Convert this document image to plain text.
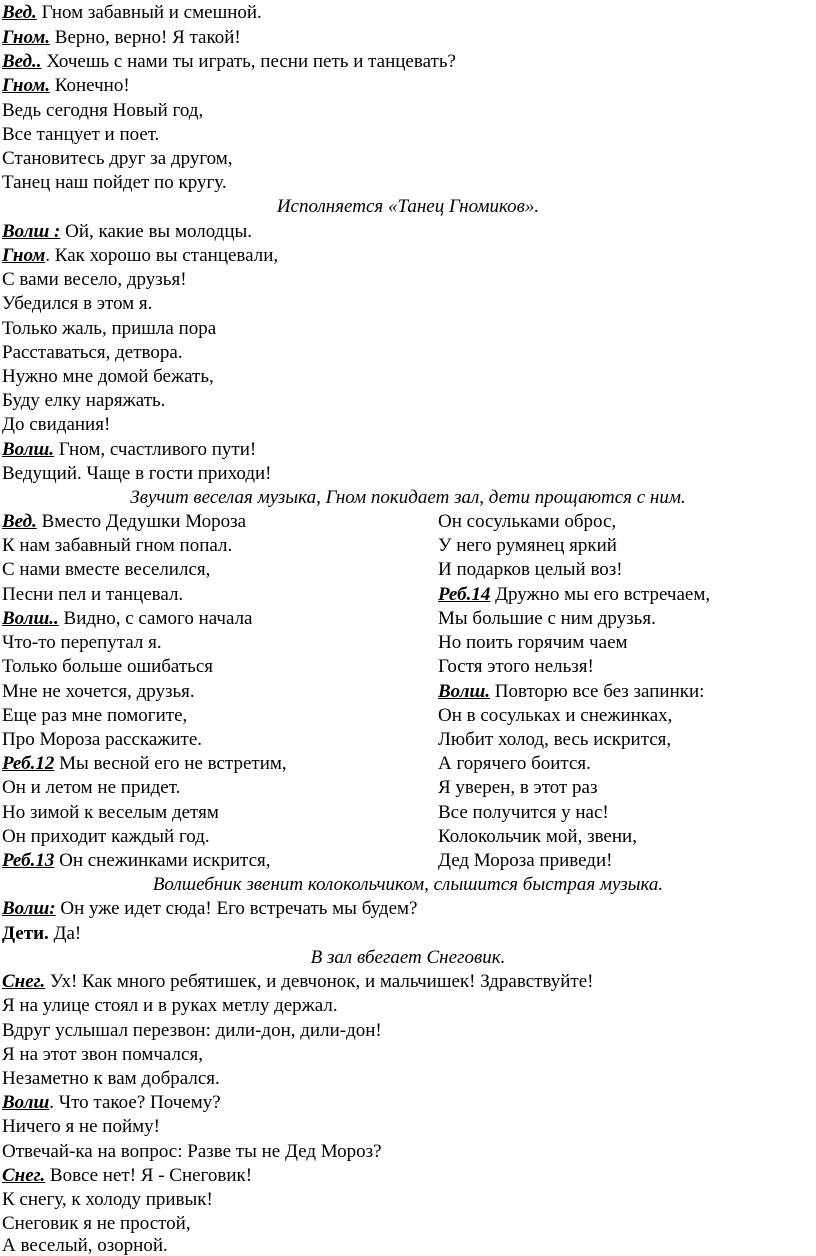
Вед. Гном забавный и смешной.
Гном. Верно, верно! Я такой!
Вед.. Хочешь с нами ты играть, песни петь и танцевать?
Гном. Конечно!
Ведь сегодня Новый год,
Все танцует и поет.
Становитесь друг за другом,
Танец наш пойдет по кругу.
Исполняется «Танец Гномиков».
Волш : Ой, какие вы молодцы.
Гном. Как хорошо вы станцевали,
С вами весело, друзья!
Убедился в этом я.
Только жаль, пришла пора
Расставаться, детвора.
Нужно мне домой бежать,
Буду елку наряжать.
До свидания!
Волш. Гном, счастливого пути!
Ведущий. Чаще в гости приходи!
Звучит веселая музыка, Гном покидает зал, дети прощаются с ним.
Вед. Вместо Дедушки Мороза
К нам забавный гном попал.
С нами вместе веселился,
Песни пел и танцевал.
Волш.. Видно, с самого начала
Что-то перепутал я.
Только больше ошибаться
Мне не хочется, друзья.
Еще раз мне помогите,
Про Мороза расскажите.
Реб.12 Мы весной его не встретим,
Он и летом не придет.
Но зимой к веселым детям
Он приходит каждый год.
Реб.13 Он снежинками искрится,
Он сосульками оброс,
У него румянец яркий
И подарков целый воз!
Реб.14 Дружно мы его встречаем,
Мы большие с ним друзья.
Но поить горячим чаем
Гостя этого нельзя!
Волш. Повторю все без запинки:
Он в сосульках и снежинках,
Любит холод, весь искрится,
А горячего боится.
Я уверен, в этот раз
Все получится у нас!
Колокольчик мой, звени,
Дед Мороза приведи!
Волшебник звенит колокольчиком, слышится быстрая музыка.
Волш: Он уже идет сюда! Его встречать мы будем?
Дети. Да!
В зал вбегает Снеговик.
Снег. Ух! Как много ребятишек, и девчонок, и мальчишек! Здравствуйте!
Я на улице стоял и в руках метлу держал.
Вдруг услышал перезвон: дили-дон, дили-дон!
Я на этот звон помчался,
Незаметно к вам добрался.
Волш. Что такое? Почему?
Ничего я не пойму!
Отвечай-ка на вопрос: Разве ты не Дед Мороз?
Снег. Вовсе нет! Я - Снеговик!
К снегу, к холоду привык!
Снеговик я не простой,
А веселый, озорной.
